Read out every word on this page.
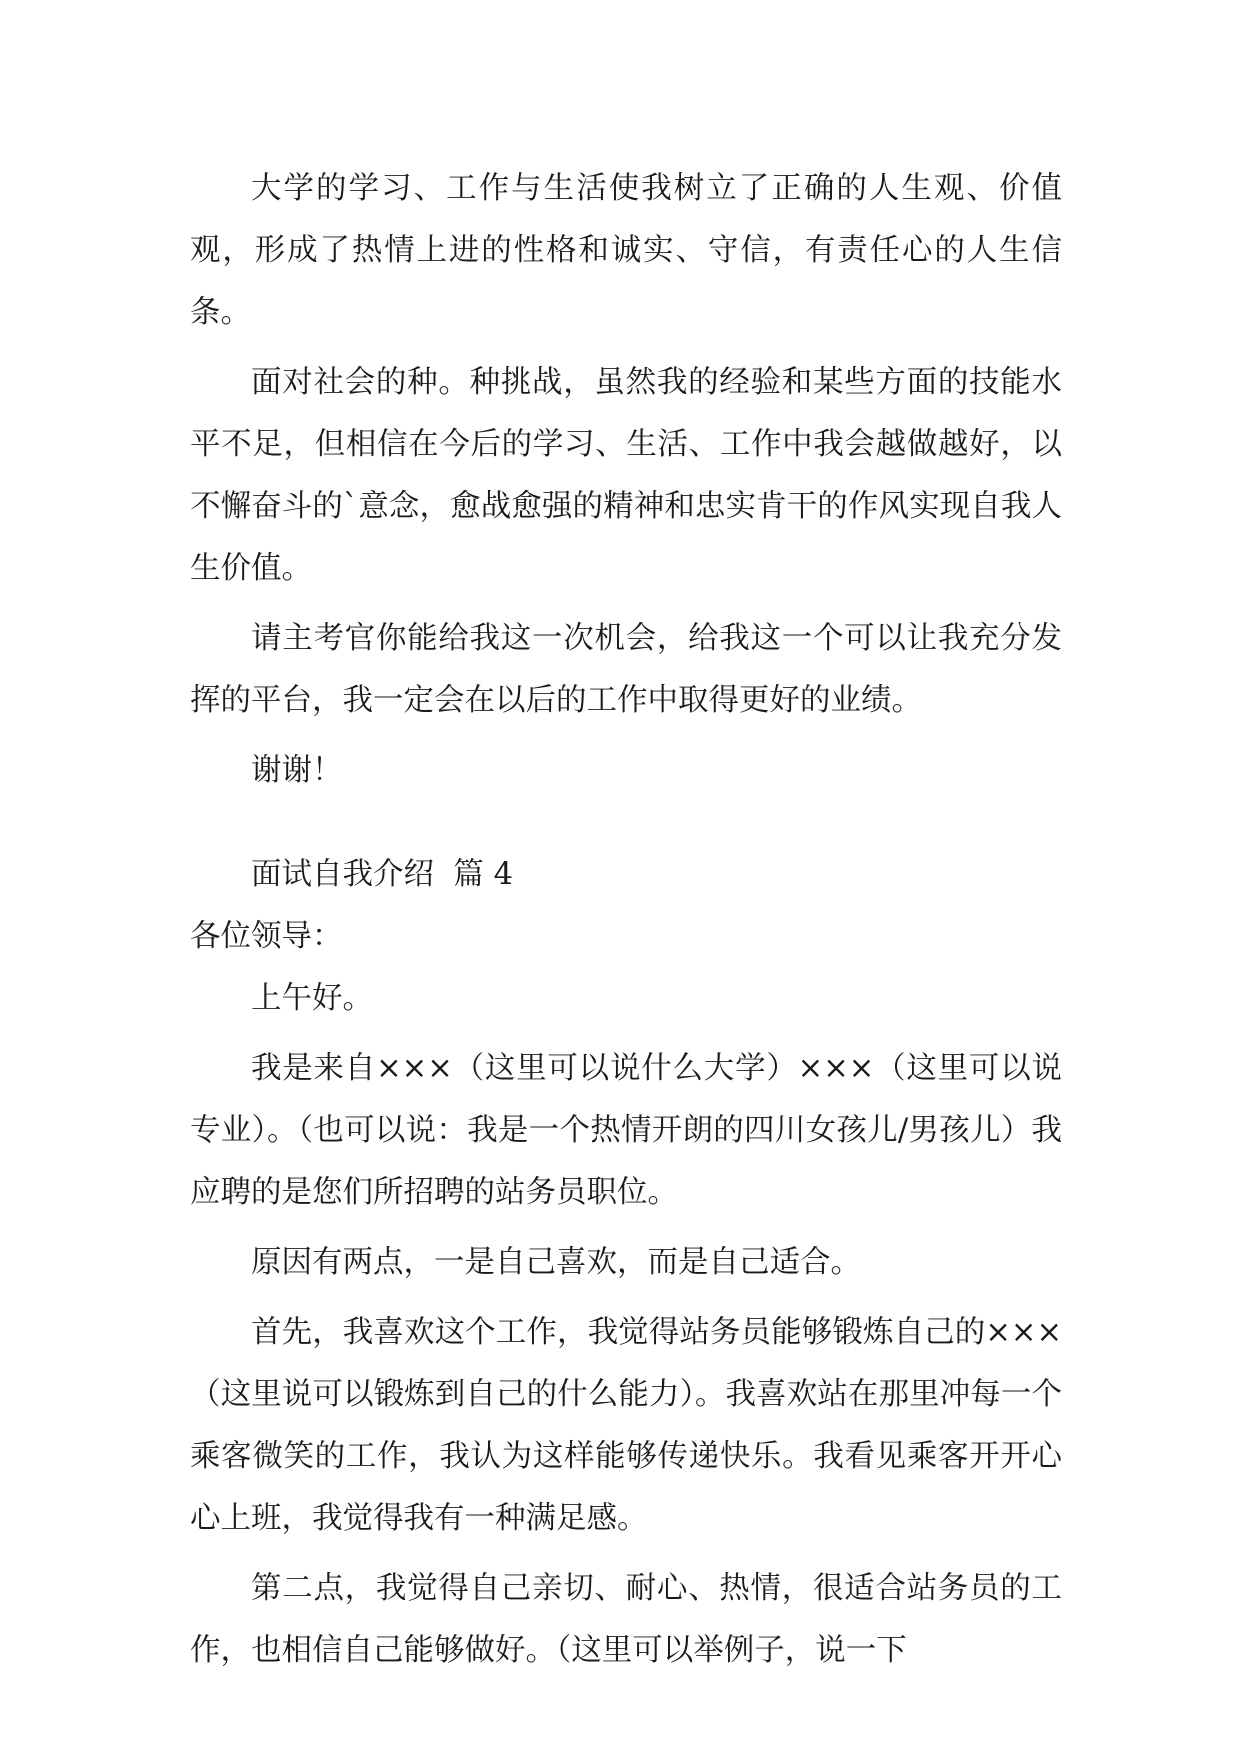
大学的学习、工作与生活使我树立了正确的人生观、价值观，形成了热情上进的性格和诚实、守信，有责任心的人生信条。

面对社会的种。种挑战，虽然我的经验和某些方面的技能水平不足，但相信在今后的学习、生活、工作中我会越做越好，以不懈奋斗的`意念，愈战愈强的精神和忠实肯干的作风实现自我人生价值。

请主考官你能给我这一次机会，给我这一个可以让我充分发挥的平台，我一定会在以后的工作中取得更好的业绩。

谢谢！

面试自我介绍  篇 4

各位领导：

上午好。

我是来自×××（这里可以说什么大学）×××（这里可以说专业）。（也可以说：我是一个热情开朗的四川女孩儿/男孩儿）我应聘的是您们所招聘的站务员职位。

原因有两点，一是自己喜欢，而是自己适合。

首先，我喜欢这个工作，我觉得站务员能够锻炼自己的×××（这里说可以锻炼到自己的什么能力）。我喜欢站在那里冲每一个乘客微笑的工作，我认为这样能够传递快乐。我看见乘客开开心心上班，我觉得我有一种满足感。

第二点，我觉得自己亲切、耐心、热情，很适合站务员的工作，也相信自己能够做好。（这里可以举例子，说一下
